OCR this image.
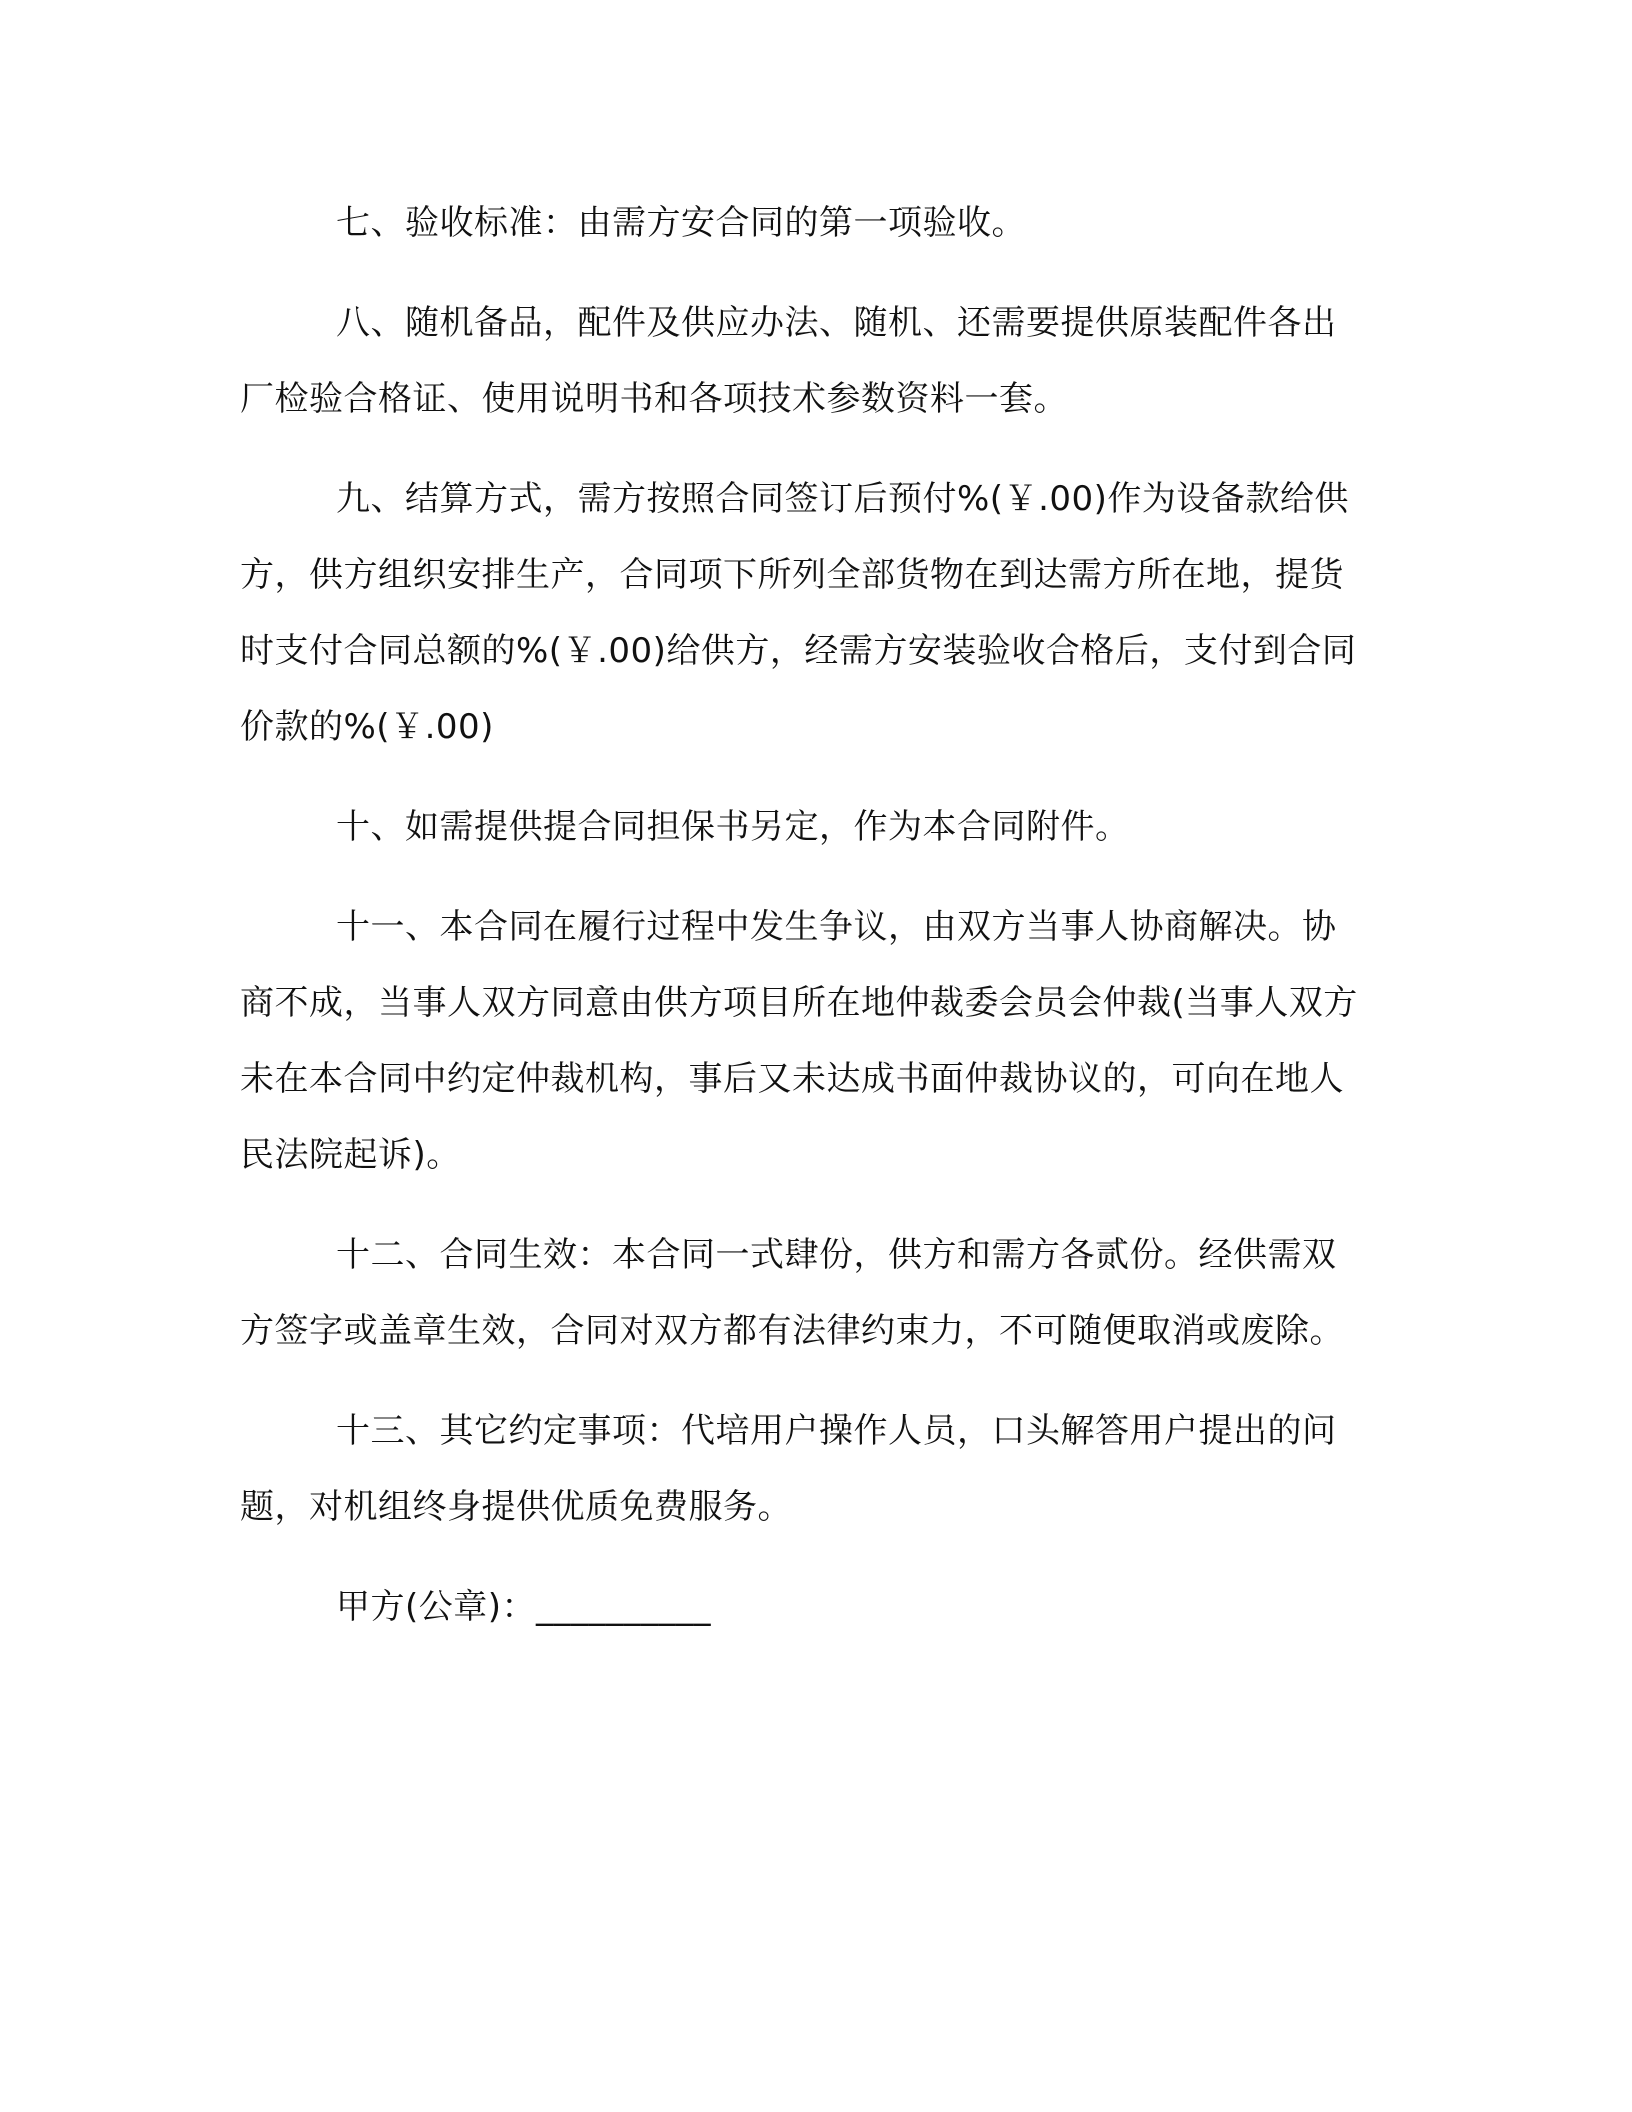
七、验收标准：由需方安合同的第一项验收。

八、随机备品，配件及供应办法、随机、还需要提供原装配件各出厂检验合格证、使用说明书和各项技术参数资料一套。

九、结算方式，需方按照合同签订后预付%(￥.00)作为设备款给供方，供方组织安排生产，合同项下所列全部货物在到达需方所在地，提货时支付合同总额的%(￥.00)给供方，经需方安装验收合格后，支付到合同价款的%(￥.00)

十、如需提供提合同担保书另定，作为本合同附件。

十一、本合同在履行过程中发生争议，由双方当事人协商解决。协商不成，当事人双方同意由供方项目所在地仲裁委会员会仲裁(当事人双方未在本合同中约定仲裁机构，事后又未达成书面仲裁协议的，可向在地人民法院起诉)。

十二、合同生效：本合同一式肆份，供方和需方各贰份。经供需双方签字或盖章生效，合同对双方都有法律约束力，不可随便取消或废除。

十三、其它约定事项：代培用户操作人员，口头解答用户提出的问题，对机组终身提供优质免费服务。

甲方(公章)：__________
